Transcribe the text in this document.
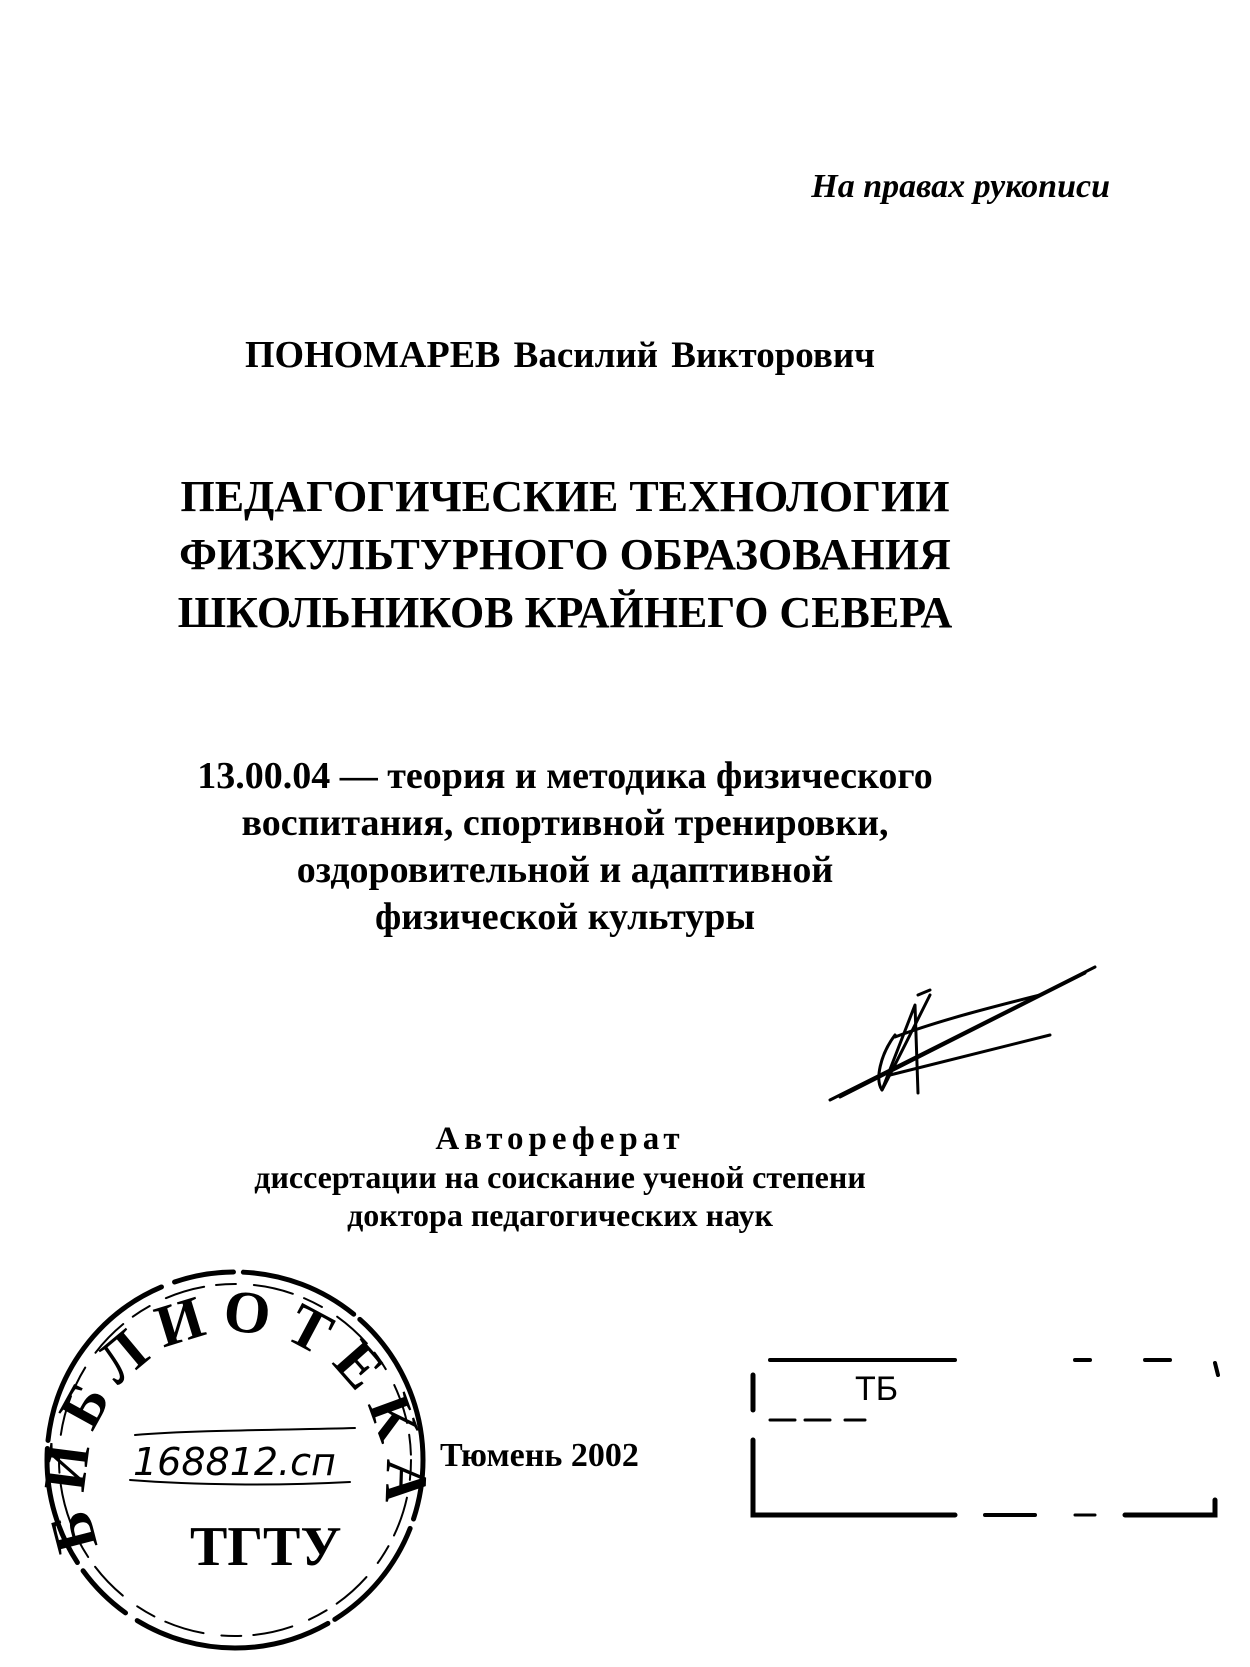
На правах рукописи
ПОНОМАРЕВ Василий Викторович
ПЕДАГОГИЧЕСКИЕ ТЕХНОЛОГИИ
ФИЗКУЛЬТУРНОГО ОБРАЗОВАНИЯ
ШКОЛЬНИКОВ КРАЙНЕГО СЕВЕРА
13.00.04 — теория и методика физического
воспитания, спортивной тренировки,
оздоровительной и адаптивной
физической культуры
Автореферат
диссертации на соискание ученой степени
доктора педагогических наук
БИБЛИОТЕКА
168812.сп
ТГТУ
Тюмень 2002
ТБ
